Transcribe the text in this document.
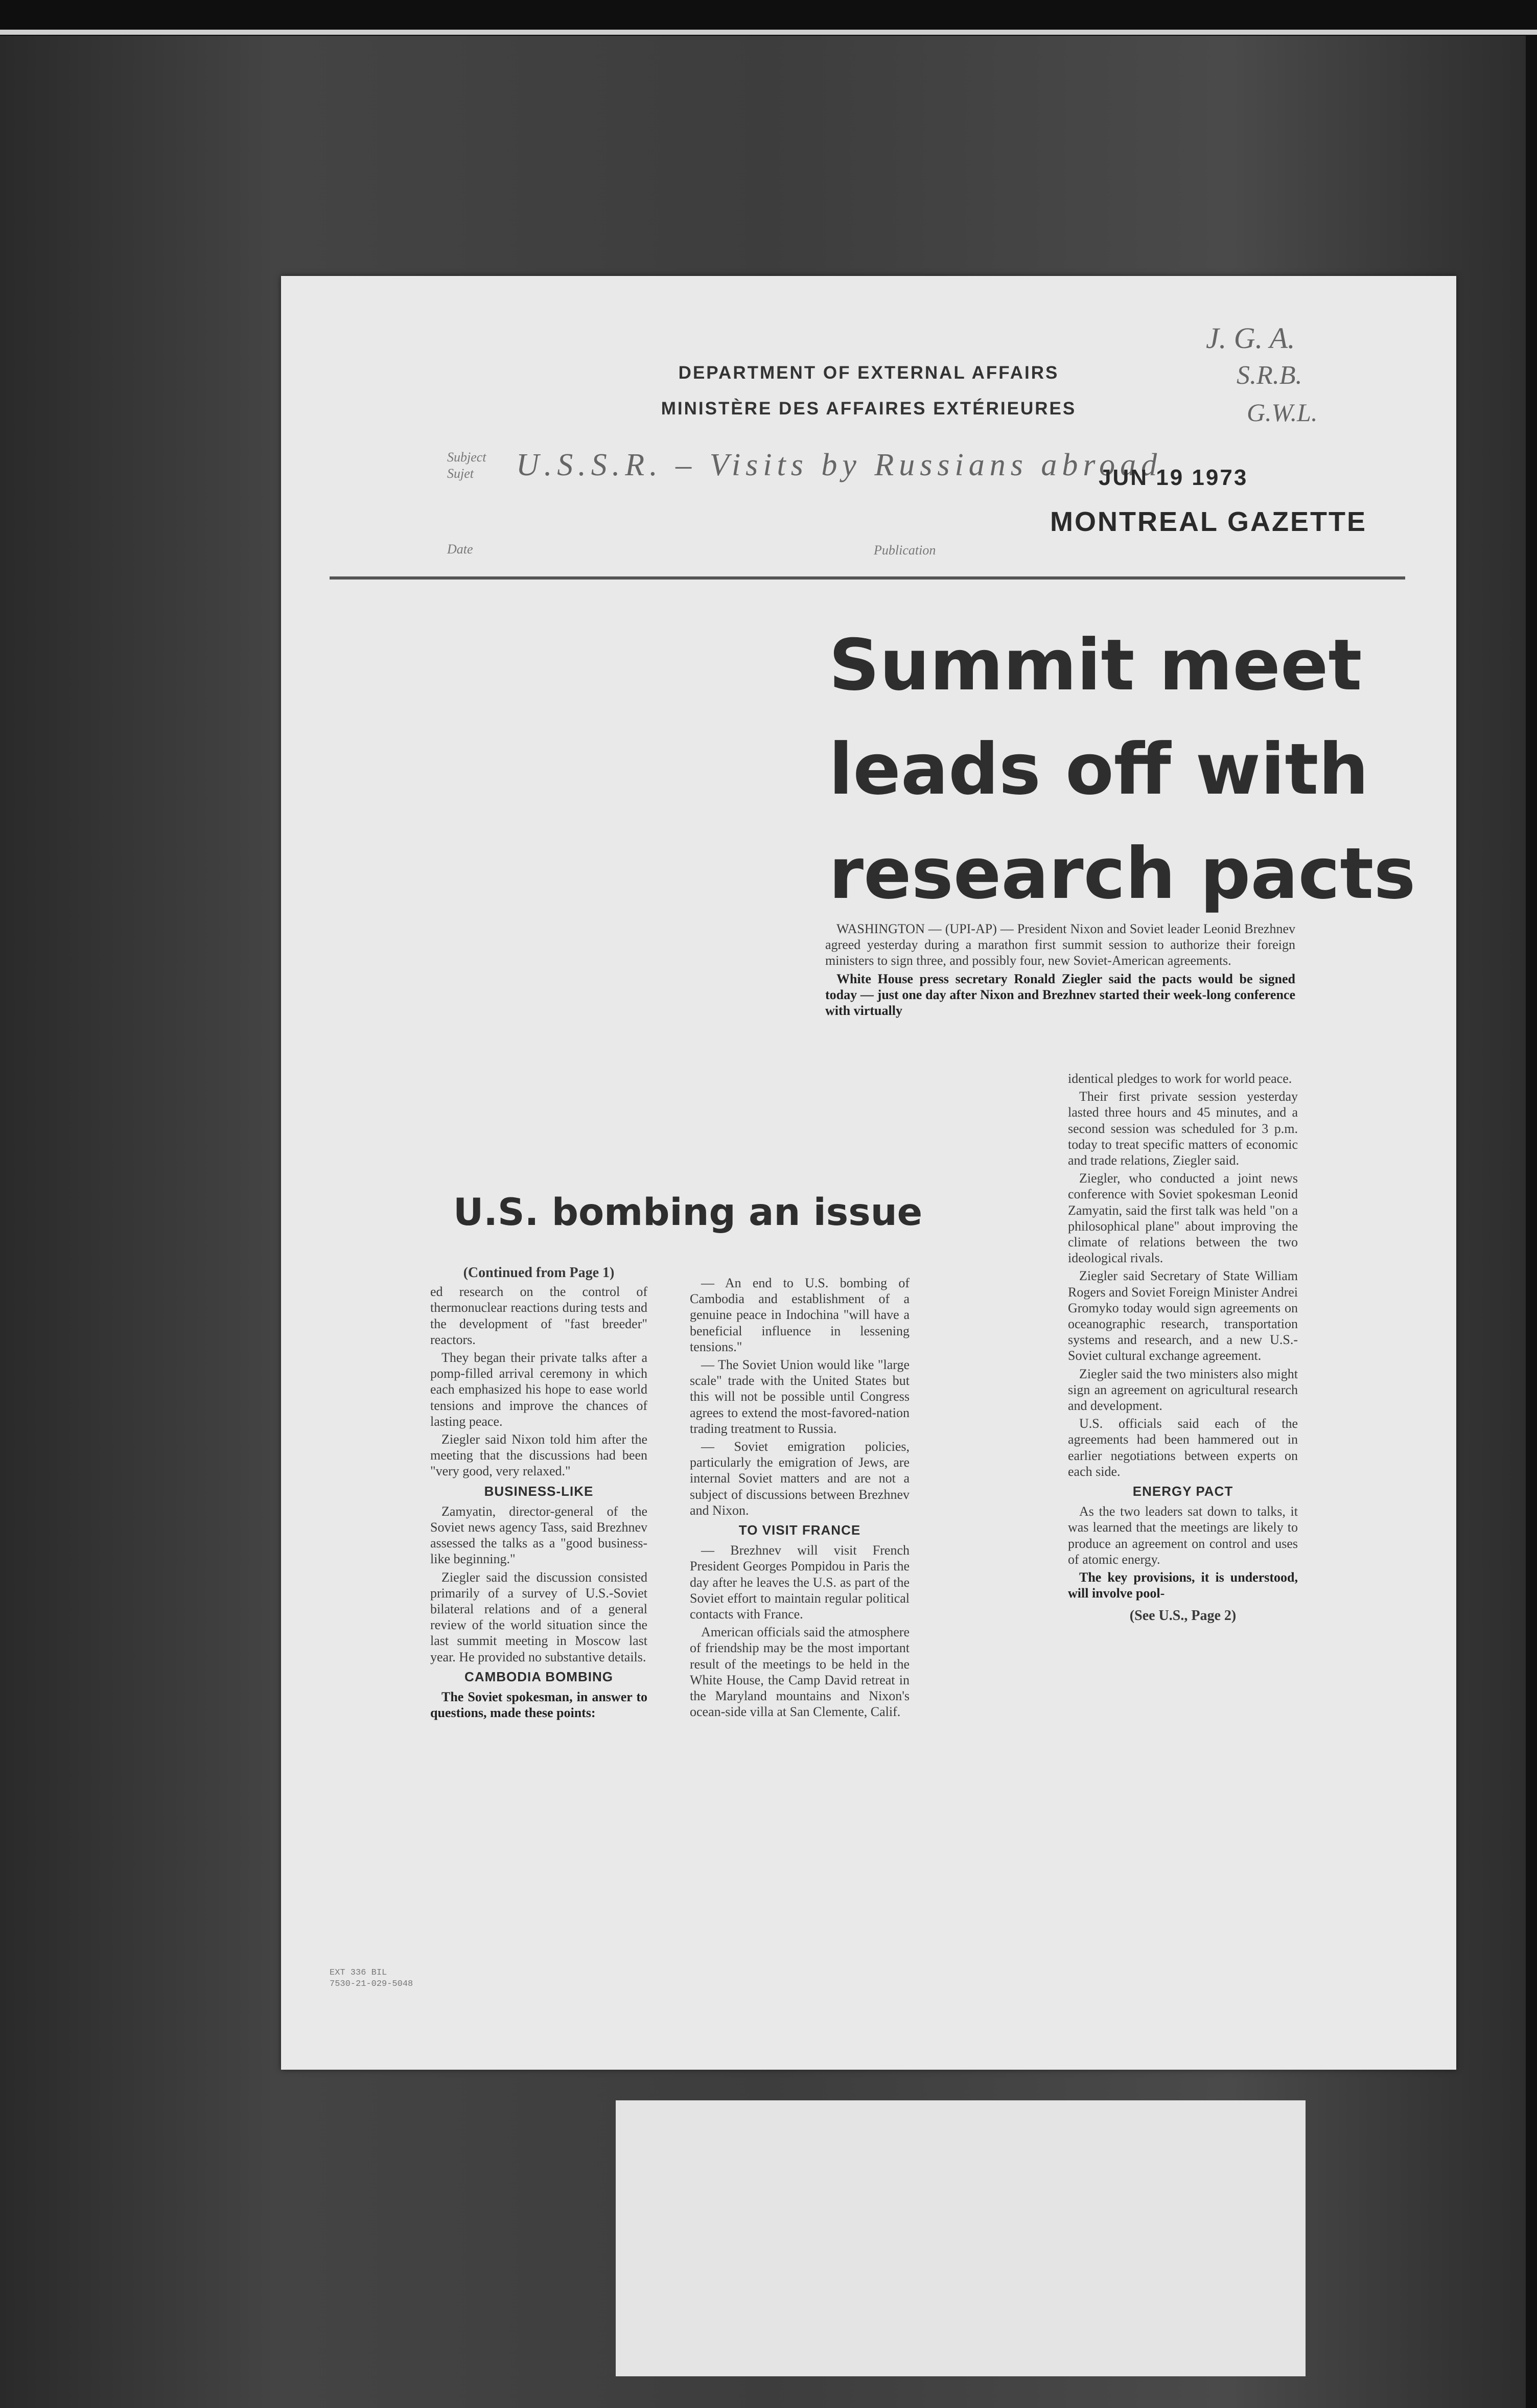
DEPARTMENT OF EXTERNAL AFFAIRS
MINISTÈRE DES AFFAIRES EXTÉRIEURES
J. G. A.
S.R.B.
G.W.L.
Subject
Sujet U.S.S.R. – Visits by Russians abroad
JUN 19 1973
MONTREAL GAZETTE
Date	Publication
Summit meet
leads off with
research pacts

WASHINGTON — (UPI-AP) — President Nixon and Soviet leader Leonid Brezhnev agreed yesterday during a marathon first summit session to authorize their foreign ministers to sign three, and possibly four, new Soviet-American agreements.

White House press secretary Ronald Ziegler said the pacts would be signed today — just one day after Nixon and Brezhnev started their week-long conference with virtually

identical pledges to work for world peace.

Their first private session yesterday lasted three hours and 45 minutes, and a second session was scheduled for 3 p.m. today to treat specific matters of economic and trade relations, Ziegler said.

Ziegler, who conducted a joint news conference with Soviet spokesman Leonid Zamyatin, said the first talk was held "on a philosophical plane" about improving the climate of relations between the two ideological rivals.

Ziegler said Secretary of State William Rogers and Soviet Foreign Minister Andrei Gromyko today would sign agreements on oceanographic research, transportation systems and research, and a new U.S.-Soviet cultural exchange agreement.

Ziegler said the two ministers also might sign an agreement on agricultural research and development.

U.S. officials said each of the agreements had been hammered out in earlier negotiations between experts on each side.

ENERGY PACT

As the two leaders sat down to talks, it was learned that the meetings are likely to produce an agreement on control and uses of atomic energy.

The key provisions, it is understood, will involve pool-

(See U.S., Page 2)
U.S. bombing an issue
(Continued from Page 1)

ed research on the control of thermonuclear reactions during tests and the development of "fast breeder" reactors.

They began their private talks after a pomp-filled arrival ceremony in which each emphasized his hope to ease world tensions and improve the chances of lasting peace.

Ziegler said Nixon told him after the meeting that the discussions had been "very good, very relaxed."

BUSINESS-LIKE

Zamyatin, director-general of the Soviet news agency Tass, said Brezhnev assessed the talks as a "good business-like beginning."

Ziegler said the discussion consisted primarily of a survey of U.S.-Soviet bilateral relations and of a general review of the world situation since the last summit meeting in Moscow last year. He provided no substantive details.

CAMBODIA BOMBING

The Soviet spokesman, in answer to questions, made these points:

— An end to U.S. bombing of Cambodia and establishment of a genuine peace in Indochina "will have a beneficial influence in lessening tensions."

— The Soviet Union would like "large scale" trade with the United States but this will not be possible until Congress agrees to extend the most-favored-nation trading treatment to Russia.

— Soviet emigration policies, particularly the emigration of Jews, are internal Soviet matters and are not a subject of discussions between Brezhnev and Nixon.

TO VISIT FRANCE

— Brezhnev will visit French President Georges Pompidou in Paris the day after he leaves the U.S. as part of the Soviet effort to maintain regular political contacts with France.

American officials said the atmosphere of friendship may be the most important result of the meetings to be held in the White House, the Camp David retreat in the Maryland mountains and Nixon's ocean-side villa at San Clemente, Calif.

EXT 336 BIL
7530-21-029-5048
